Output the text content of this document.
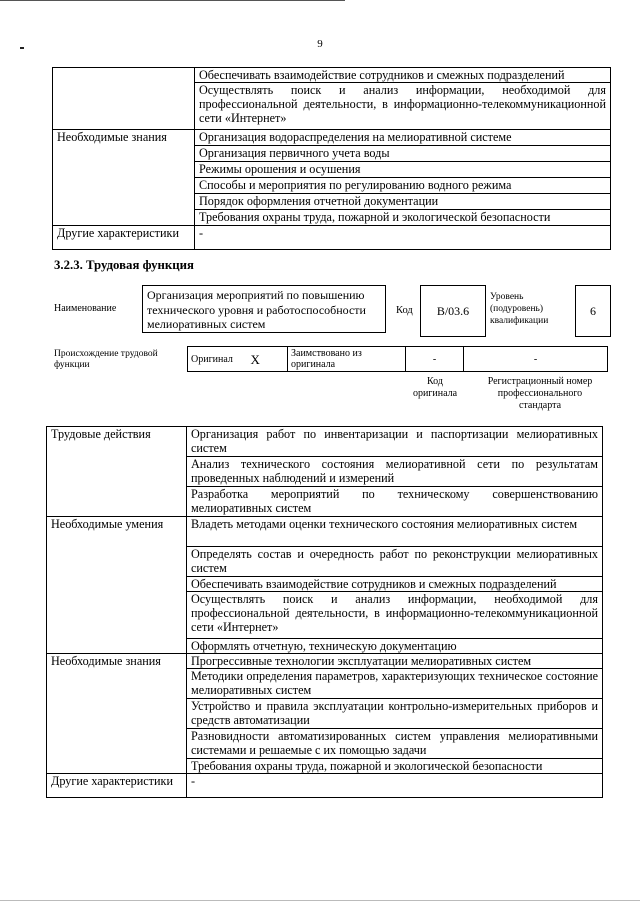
9
	Обеспечивать взаимодействие сотрудников и смежных подразделений
	Осуществлять поиск и анализ информации, необходимой для профессиональной деятельности, в информационно-телекоммуникационной сети «Интернет»
Необходимые знания	Организация водораспределения на мелиоративной системе
	Организация первичного учета воды
	Режимы орошения и осушения
	Способы и мероприятия по регулированию водного режима
	Порядок оформления отчетной документации
	Требования охраны труда, пожарной и экологической безопасности
Другие характеристики	-
3.2.3. Трудовая функция
Наименование
Организация мероприятий по повышению технического уровня и работоспособности мелиоративных систем
Код	B/03.6
Уровень
(подуровень)
квалификации
6
Происхождение трудовой
функции
Оригинал	X	Заимствовано из
оригинала	-	-
Код
оригинала
Регистрационный номер
профессионального
стандарта
Трудовые действия	Организация работ по инвентаризации и паспортизации мелиоративных систем
	Анализ технического состояния мелиоративной сети по результатам проведенных наблюдений и измерений
	Разработка мероприятий по техническому совершенствованию мелиоративных систем
Необходимые умения	Владеть методами оценки технического состояния мелиоративных систем
	Определять состав и очередность работ по реконструкции мелиоративных систем
	Обеспечивать взаимодействие сотрудников и смежных подразделений
	Осуществлять поиск и анализ информации, необходимой для профессиональной деятельности, в информационно-телекоммуникационной сети «Интернет»
	Оформлять отчетную, техническую документацию
Необходимые знания	Прогрессивные технологии эксплуатации мелиоративных систем
	Методики определения параметров, характеризующих техническое состояние мелиоративных систем
	Устройство и правила эксплуатации контрольно-измерительных приборов и средств автоматизации
	Разновидности автоматизированных систем управления мелиоративными системами и решаемые с их помощью задачи
	Требования охраны труда, пожарной и экологической безопасности
Другие характеристики	-
